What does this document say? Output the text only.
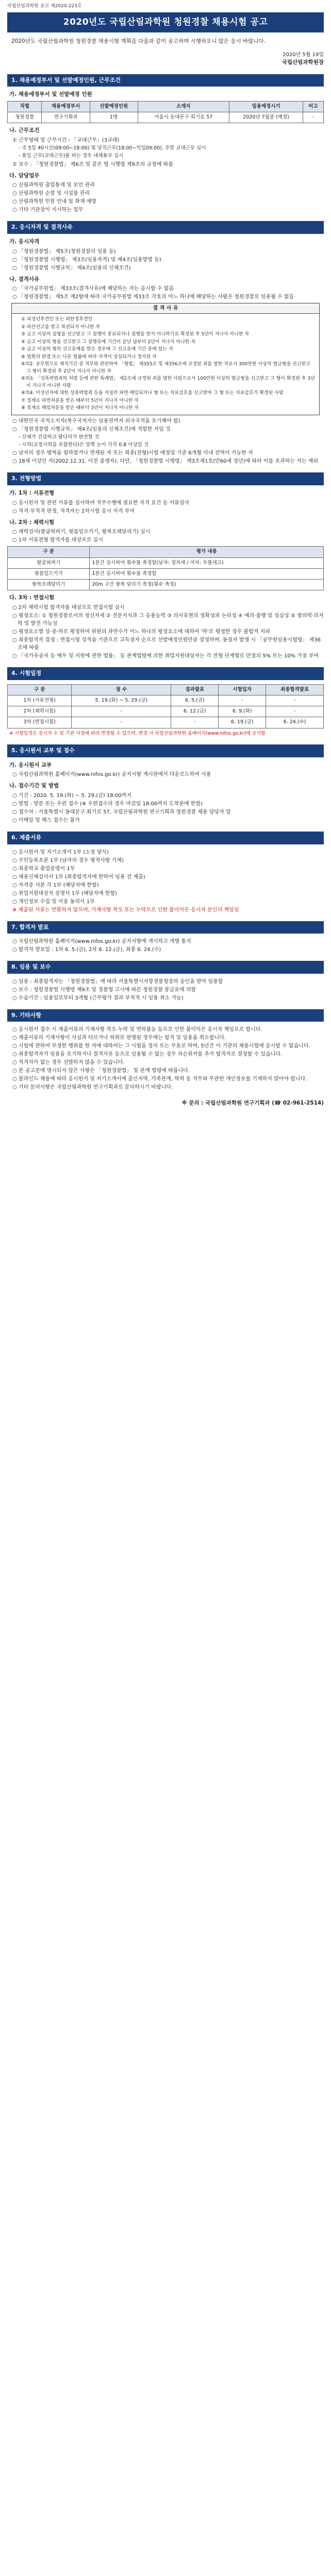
국립산림과학원 공고 제2020-223호
2020년도 국립산림과학원 청원경찰 채용시험 공고

2020년도 국립산림과학원 청원경찰 채용시험 계획을 다음과 같이 공고하며 시행하오니 많은 응시 바랍니다.

2020년 5월 19일
국립산림과학원장
1. 채용예정부서 및 선발예정인원, 근무조건
가. 채용예정부서 및 선발예정 인원
직렬	채용예정부서	선발예정인원	소재지	임용예정시기	비고
청원경찰	연구기획과	1명	서울시 동대문구 회기로 57	2020년 7월중 (예정)	-
나. 근무조건
① 근무형태 및 근무시간 : 「교대근무」(3교대)
- 주 5일 40시간(09:00~18:00) 및 당직근무(18:00~익일09:00), 주말 교대근무 실시
- 휴일 근무(교대근무)를 하는 경우 대체휴무 실시
② 보수 : 「청원경찰법」 제6조 및 같은 법 시행령 제9조의 규정에 따름
다. 담당업무
○ 산림과학원 출입통제 및 보안 관리
○ 산림과학원 순찰 및 시설물 관리
○ 산림과학원 민원 안내 및 화재 예방
○ 기타 기관장이 지시하는 업무
2. 응시자격 및 결격사유
가. 응시자격
○ 「청원경찰법」 제5조(청원경찰의 임용 등)
○ 「청원경찰법 시행령」 제3조(임용자격) 및 제4조(임용방법 등)
○ 「청원경찰법 시행규칙」 제4조(임용의 신체조건)
나. 결격사유
○ 「국가공무원법」 제33조(결격사유)에 해당하는 자는 응시할 수 없음
○ 「청원경찰법」 제5조 제2항에 따라 국가공무원법 제33조 각호의 어느 하나에 해당하는 사람은 청원경찰로 임용될 수 없음
결 격 사 유
① 피성년후견인 또는 피한정후견인
② 파산선고를 받고 복권되지 아니한 자
③ 금고 이상의 실형을 선고받고 그 집행이 종료되거나 집행을 받지 아니하기로 확정된 후 5년이 지나지 아니한 자
④ 금고 이상의 형을 선고받고 그 집행유예 기간이 끝난 날부터 2년이 지나지 아니한 자
⑤ 금고 이상의 형의 선고유예를 받은 경우에 그 선고유예 기간 중에 있는 자
⑥ 법원의 판결 또는 다른 법률에 따라 자격이 상실되거나 정지된 자
⑥의2. 공무원으로 재직기간 중 직무와 관련하여 「형법」 제355조 및 제356조에 규정된 죄를 범한 자로서 300만원 이상의 벌금형을 선고받고 그 형이 확정된 후 2년이 지나지 아니한 자
⑥의3. 「성폭력범죄의 처벌 등에 관한 특례법」 제2조에 규정된 죄를 범한 사람으로서 100만원 이상의 벌금형을 선고받고 그 형이 확정된 후 3년이 지나지 아니한 사람
⑥의4. 미성년자에 대한 성폭력범죄 등을 저질러 파면·해임되거나 형 또는 치료감호를 선고받아 그 형 또는 치료감호가 확정된 사람
⑦ 징계로 파면처분을 받은 때부터 5년이 지나지 아니한 자
⑧ 징계로 해임처분을 받은 때부터 3년이 지나지 아니한 자
○ 대한민국 국적소지자(복수국적자는 임용전까지 외국국적을 포기해야 함)
○ 「청원경찰법 시행규칙」 제4조(임용의 신체조건)에 적합한 자일 것
- 신체가 건강하고 팔다리가 완전할 것
- 시력(교정시력을 포함한다)은 양쪽 눈이 각각 0.8 이상일 것
○ 남자의 경우 병역을 필하였거나 면제된 자 또는 최종(전형)시험 예정일 기준 6개월 이내 전역이 가능한 자
○ 18세 이상인 자(2002.12.31. 이전 출생자). 다만, 「청원경찰법 시행령」 제3조제1호(만60세 정년)에 따라 이를 초과하는 자는 제외
3. 전형방법
가. 1차 : 서류전형
○ 응시원서 및 관련 서류를 심사하여 직무수행에 필요한 자격 요건 등 서류심사
○ 적격·부적격 판정, 적격자는 2차시험 응시 자격 부여
나. 2차 : 체력시험
○ 체력검사(팔굽혀펴기, 윗몸일으키기, 왕복오래달리기) 실시
○ 1차 서류전형 합격자를 대상으로 실시
구 분	평가 내용
팔굽혀펴기	1분간 실시하여 횟수를 측정함(남자: 정자세 / 여자: 무릎대고)
윗몸일으키기	1분간 실시하여 횟수를 측정함
왕복오래달리기	20m 구간 왕복 달리기 측정(횟수 측정)
다. 3차 : 면접시험
○ 2차 체력시험 합격자를 대상으로 면접시험 실시
○ 평정요소: ① 청원경찰로서의 정신자세 ② 전문지식과 그 응용능력 ③ 의사표현의 정확성과 논리성 ④ 예의·품행 및 성실성 ⑤ 창의력·의지력 및 발전 가능성
○ 평정요소별 상·중·하로 평정하여 위원의 과반수가 어느 하나의 평정요소에 대하여 '하'로 평정한 경우 불합격 처리
○ 최종합격자 결정 : 면접시험 성적을 기준으로 고득점자 순으로 선발예정인원만큼 결정하며, 동점자 발생 시 「공무원임용시험령」 제36조에 따름
○ 「국가유공자 등 예우 및 지원에 관한 법률」 등 관계법령에 의한 취업지원대상자는 각 전형 단계별로 만점의 5% 또는 10% 가점 부여
4. 시험일정
구 분	접 수	결과발표	시험일자	최종합격발표
1차 (서류전형)	5. 19.(화) ~ 5. 29.(금)	6. 5.(금)	-	-
2차 (체력시험)	-	6. 12.(금)	6. 9.(화)	-
3차 (면접시험)	-	-	6. 19.(금)	6. 24.(수)
※ 시험일정은 응시자 수 및 기관 사정에 따라 변경될 수 있으며, 변경 시 국립산림과학원 홈페이지(www.nifos.go.kr)에 공지함
5. 응시원서 교부 및 접수
가. 응시원서 교부
○ 국립산림과학원 홈페이지(www.nifos.go.kr) 공지사항 게시판에서 다운로드하여 사용
나. 접수기간 및 방법
○ 기간 : 2020. 5. 19.(화) ~ 5. 29.(금) 18:00까지
○ 방법 : 방문 또는 우편 접수 (※ 우편접수의 경우 마감일 18:00까지 도착분에 한함)
○ 접수처 : 서울특별시 동대문구 회기로 57, 국립산림과학원 연구기획과 청원경찰 채용 담당자 앞
○ 이메일 및 팩스 접수는 불가
6. 제출서류
○ 응시원서 및 자기소개서 1부 (소정 양식)
○ 주민등록초본 1부 (남자의 경우 병적사항 기재)
○ 최종학교 졸업증명서 1부
○ 채용신체검사서 1부 (최종합격자에 한하여 임용 전 제출)
○ 자격증 사본 각 1부 (해당자에 한함)
○ 취업지원대상자 증명서 1부 (해당자에 한함)
○ 개인정보 수집 및 이용 동의서 1부
※ 제출된 서류는 반환하지 않으며, 기재사항 착오 또는 누락으로 인한 불이익은 응시자 본인의 책임임
7. 합격자 발표
○ 국립산림과학원 홈페이지(www.nifos.go.kr) 공지사항에 게시하고 개별 통지
○ 합격자 발표일 : 1차 6. 5.(금), 2차 6. 12.(금), 최종 6. 24.(수)
8. 임용 및 보수
○ 임용 : 최종합격자는 「청원경찰법」에 따라 서울특별시지방경찰청장의 승인을 받아 임용함
○ 보수 : 청원경찰법 시행령 제9조 및 경찰청 고시에 따른 청원경찰 봉급표에 의함
○ 수습기간 : 임용일로부터 3개월 (근무평가 결과 부적격 시 임용 취소 가능)
9. 기타사항
○ 응시원서 접수 시 제출서류의 기재사항 착오·누락 및 연락불능 등으로 인한 불이익은 응시자 책임으로 합니다.
○ 제출서류의 기재사항이 사실과 다르거나 허위로 판명된 경우에는 합격 및 임용을 취소합니다.
○ 시험에 관하여 부정한 행위를 한 자에 대하여는 그 시험을 정지 또는 무효로 하며, 5년간 이 기관의 채용시험에 응시할 수 없습니다.
○ 최종합격자가 임용을 포기하거나 결격사유 등으로 임용될 수 없는 경우 차순위자를 추가 합격자로 결정할 수 있습니다.
○ 적격자가 없는 경우 선발하지 않을 수 있습니다.
○ 본 공고문에 명시되지 않은 사항은 「청원경찰법」 및 관계 법령에 따릅니다.
○ 블라인드 채용에 따라 응시원서 및 자기소개서에 출신지역, 가족관계, 학력 등 직무와 무관한 개인정보를 기재하지 말아야 합니다.
○ 기타 문의사항은 국립산림과학원 연구기획과로 문의하시기 바랍니다.
※ 문의 : 국립산림과학원 연구기획과 (☎ 02-961-2514)
